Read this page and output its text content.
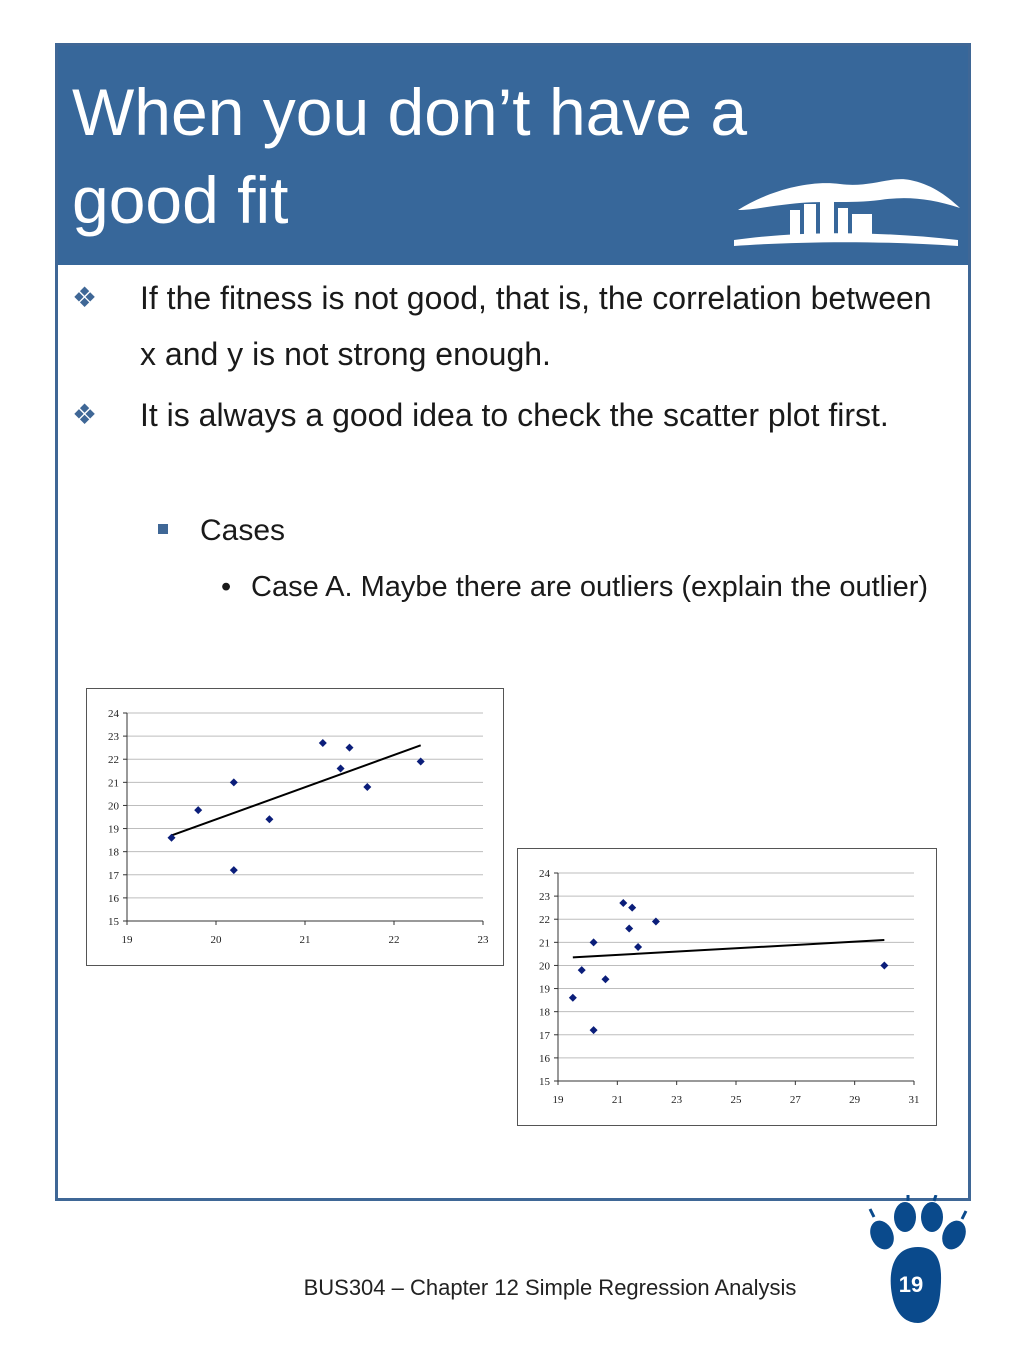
When you don’t have a good fit
❖ If the fitness is not good, that is, the correlation between x and y is not strong enough.
❖ It is always a good idea to check the scatter plot first.
Cases
• Case A. Maybe there are outliers (explain the outlier)
15
16
17
18
19
20
21
22
23
24
19	20	21	22	23
15
16
17
18
19
20
21
22
23
24
19	21	23	25	27	29	31
BUS304 – Chapter 12 Simple Regression Analysis	19
